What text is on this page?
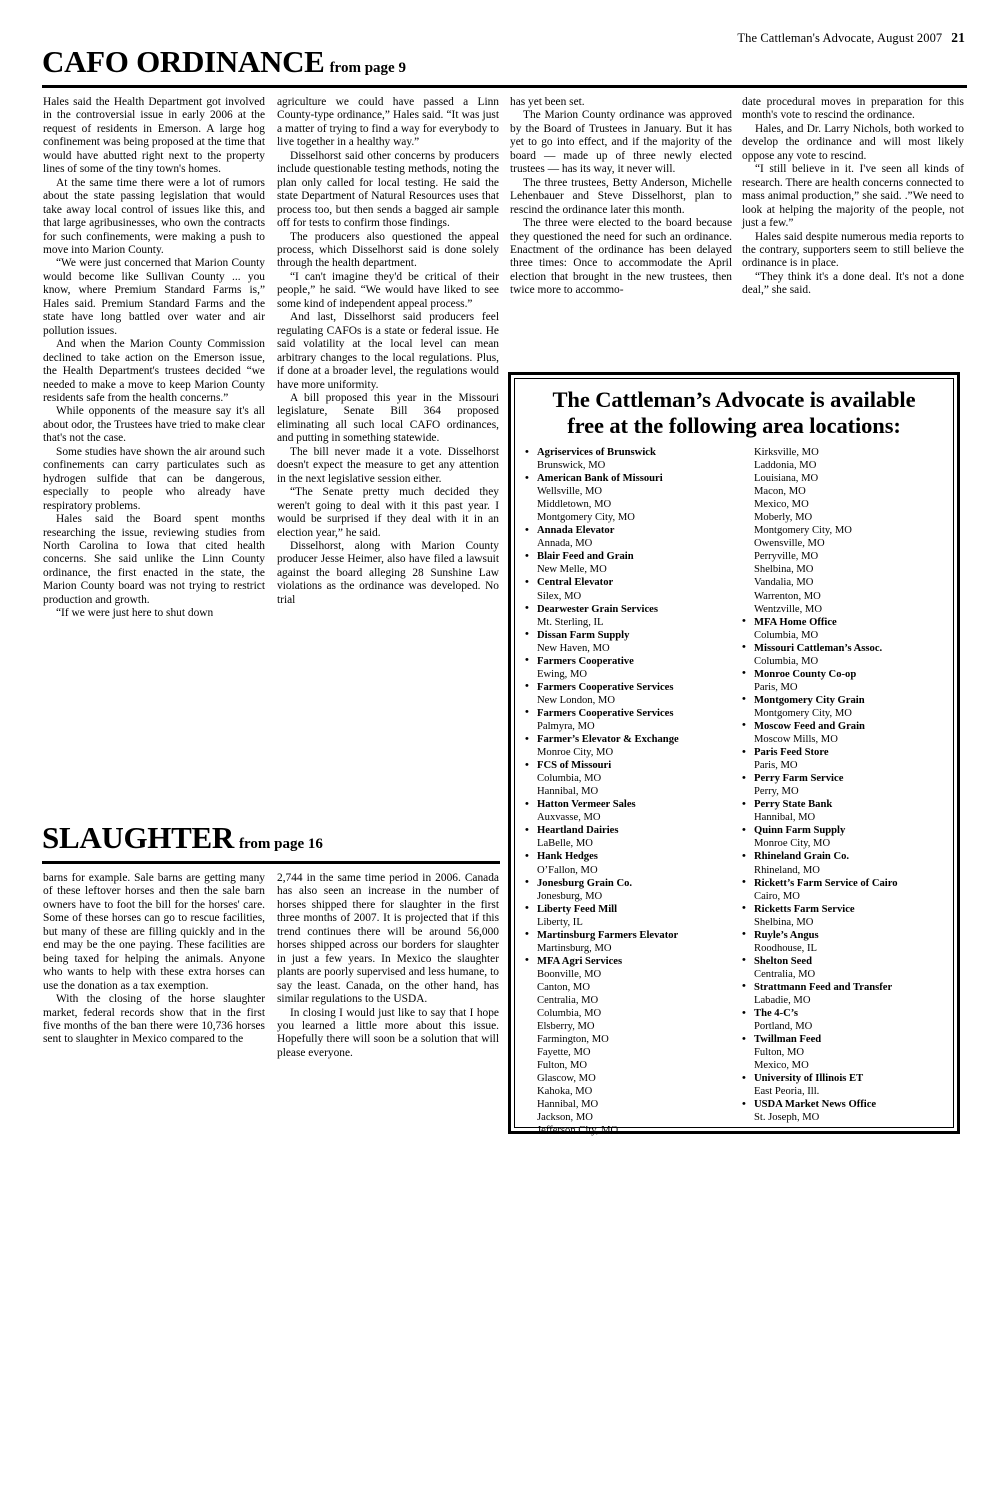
The Cattleman's Advocate, August 2007 21
CAFO ORDINANCE from page 9

Hales said the Health Department got involved in the controversial issue in early 2006 at the request of residents in Emerson. A large hog confinement was being proposed at the time that would have abutted right next to the property lines of some of the tiny town's homes.

At the same time there were a lot of rumors about the state passing legislation that would take away local control of issues like this, and that large agribusinesses, who own the contracts for such confinements, were making a push to move into Marion County.

“We were just concerned that Marion County would become like Sullivan County ... you know, where Premium Standard Farms is,” Hales said. Premium Standard Farms and the state have long battled over water and air pollution issues.

And when the Marion County Commission declined to take action on the Emerson issue, the Health Department's trustees decided “we needed to make a move to keep Marion County residents safe from the health concerns.”

While opponents of the measure say it's all about odor, the Trustees have tried to make clear that's not the case.

Some studies have shown the air around such confinements can carry particulates such as hydrogen sulfide that can be dangerous, especially to people who already have respiratory problems.

Hales said the Board spent months researching the issue, reviewing studies from North Carolina to Iowa that cited health concerns. She said unlike the Linn County ordinance, the first enacted in the state, the Marion County board was not trying to restrict production and growth.

“If we were just here to shut down

agriculture we could have passed a Linn County-type ordinance,” Hales said. “It was just a matter of trying to find a way for everybody to live together in a healthy way.”

Disselhorst said other concerns by producers include questionable testing methods, noting the plan only called for local testing. He said the state Department of Natural Resources uses that process too, but then sends a bagged air sample off for tests to confirm those findings.

The producers also questioned the appeal process, which Disselhorst said is done solely through the health department.

“I can't imagine they'd be critical of their people,” he said. “We would have liked to see some kind of independent appeal process.”

And last, Disselhorst said producers feel regulating CAFOs is a state or federal issue. He said volatility at the local level can mean arbitrary changes to the local regulations. Plus, if done at a broader level, the regulations would have more uniformity.

A bill proposed this year in the Missouri legislature, Senate Bill 364 proposed eliminating all such local CAFO ordinances, and putting in something statewide.

The bill never made it a vote. Disselhorst doesn't expect the measure to get any attention in the next legislative session either.

“The Senate pretty much decided they weren't going to deal with it this past year. I would be surprised if they deal with it in an election year,” he said.

Disselhorst, along with Marion County producer Jesse Heimer, also have filed a lawsuit against the board alleging 28 Sunshine Law violations as the ordinance was developed. No trial

has yet been set.

The Marion County ordinance was approved by the Board of Trustees in January. But it has yet to go into effect, and if the majority of the board — made up of three newly elected trustees — has its way, it never will.

The three trustees, Betty Anderson, Michelle Lehenbauer and Steve Disselhorst, plan to rescind the ordinance later this month.

The three were elected to the board because they questioned the need for such an ordinance. Enactment of the ordinance has been delayed three times: Once to accommodate the April election that brought in the new trustees, then twice more to accommo-

date procedural moves in preparation for this month's vote to rescind the ordinance.

Hales, and Dr. Larry Nichols, both worked to develop the ordinance and will most likely oppose any vote to rescind.

“I still believe in it. I've seen all kinds of research. There are health concerns connected to mass animal production,” she said. .”We need to look at helping the majority of the people, not just a few.”

Hales said despite numerous media reports to the contrary, supporters seem to still believe the ordinance is in place.

“They think it's a done deal. It's not a done deal,” she said.

SLAUGHTER from page 16

barns for example. Sale barns are getting many of these leftover horses and then the sale barn owners have to foot the bill for the horses' care. Some of these horses can go to rescue facilities, but many of these are filling quickly and in the end may be the one paying. These facilities are being taxed for helping the animals. Anyone who wants to help with these extra horses can use the donation as a tax exemption.

With the closing of the horse slaughter market, federal records show that in the first five months of the ban there were 10,736 horses sent to slaughter in Mexico compared to the

2,744 in the same time period in 2006. Canada has also seen an increase in the number of horses shipped there for slaughter in the first three months of 2007. It is projected that if this trend continues there will be around 56,000 horses shipped across our borders for slaughter in just a few years. In Mexico the slaughter plants are poorly supervised and less humane, to say the least. Canada, on the other hand, has similar regulations to the USDA.

In closing I would just like to say that I hope you learned a little more about this issue. Hopefully there will soon be a solution that will please everyone.

The Cattleman’s Advocate is available
free at the following area locations:
• Agriservices of Brunswick
Brunswick, MO
• American Bank of Missouri
Wellsville, MO
Middletown, MO
Montgomery City, MO
• Annada Elevator
Annada, MO
• Blair Feed and Grain
New Melle, MO
• Central Elevator
Silex, MO
• Dearwester Grain Services
Mt. Sterling, IL
• Dissan Farm Supply
New Haven, MO
• Farmers Cooperative
Ewing, MO
• Farmers Cooperative Services
New London, MO
• Farmers Cooperative Services
Palmyra, MO
• Farmer’s Elevator & Exchange
Monroe City, MO
• FCS of Missouri
Columbia, MO
Hannibal, MO
• Hatton Vermeer Sales
Auxvasse, MO
• Heartland Dairies
LaBelle, MO
• Hank Hedges
O’Fallon, MO
• Jonesburg Grain Co.
Jonesburg, MO
• Liberty Feed Mill
Liberty, IL
• Martinsburg Farmers Elevator
Martinsburg, MO
• MFA Agri Services
Boonville, MO
Canton, MO
Centralia, MO
Columbia, MO
Elsberry, MO
Farmington, MO
Fayette, MO
Fulton, MO
Glascow, MO
Kahoka, MO
Hannibal, MO
Jackson, MO
Jefferson City, MO
Kirksville, MO
Laddonia, MO
Louisiana, MO
Macon, MO
Mexico, MO
Moberly, MO
Montgomery City, MO
Owensville, MO
Perryville, MO
Shelbina, MO
Vandalia, MO
Warrenton, MO
Wentzville, MO
• MFA Home Office
Columbia, MO
• Missouri Cattleman’s Assoc.
Columbia, MO
• Monroe County Co-op
Paris, MO
• Montgomery City Grain
Montgomery City, MO
• Moscow Feed and Grain
Moscow Mills, MO
• Paris Feed Store
Paris, MO
• Perry Farm Service
Perry, MO
• Perry State Bank
Hannibal, MO
• Quinn Farm Supply
Monroe City, MO
• Rhineland Grain Co.
Rhineland, MO
• Rickett’s Farm Service of Cairo
Cairo, MO
• Ricketts Farm Service
Shelbina, MO
• Ruyle’s Angus
Roodhouse, IL
• Shelton Seed
Centralia, MO
• Strattmann Feed and Transfer
Labadie, MO
• The 4-C’s
Portland, MO
• Twillman Feed
Fulton, MO
Mexico, MO
• University of Illinois ET
East Peoria, Ill.
• USDA Market News Office
St. Joseph, MO
